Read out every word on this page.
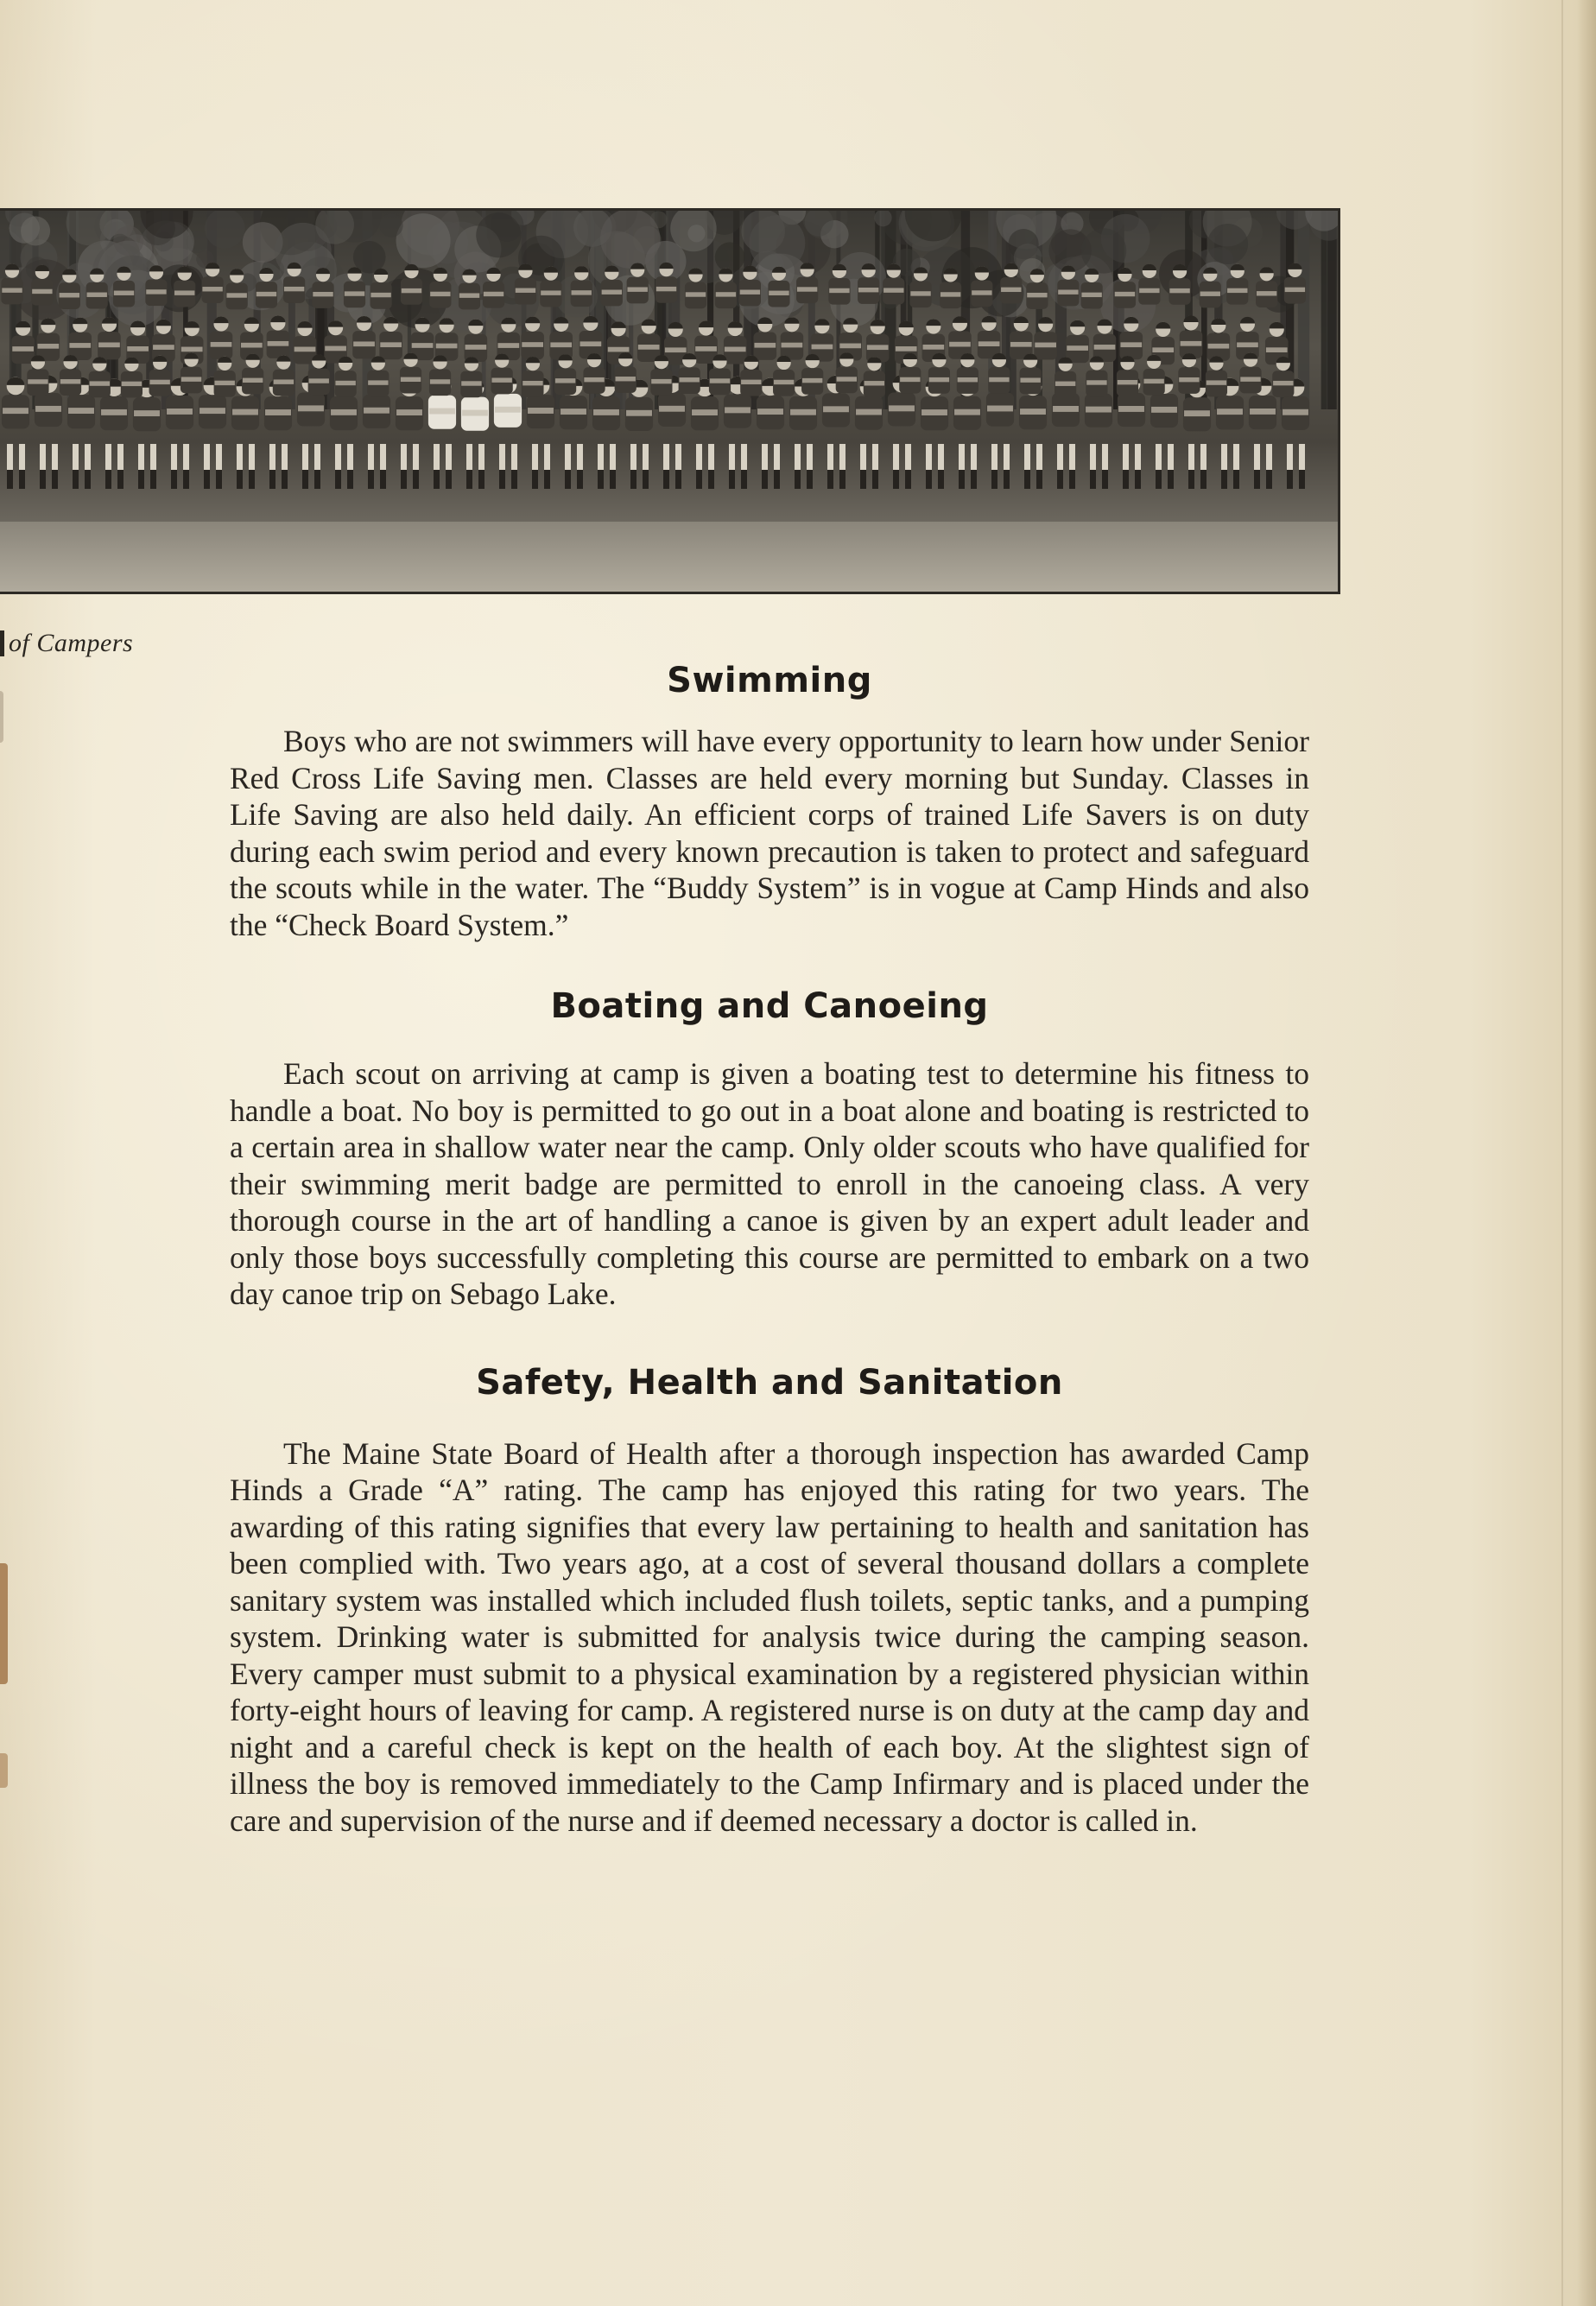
of Campers
Swimming

Boys who are not swimmers will have every opportunity to learn how under Senior Red Cross Life Saving men. Classes are held every morning but Sunday. Classes in Life Saving are also held daily. An efficient corps of trained Life Savers is on duty during each swim period and every known precaution is taken to protect and safeguard the scouts while in the water. The “Buddy System” is in vogue at Camp Hinds and also the “Check Board System.”

Boating and Canoeing

Each scout on arriving at camp is given a boating test to determine his fitness to handle a boat. No boy is permitted to go out in a boat alone and boating is restricted to a certain area in shallow water near the camp. Only older scouts who have qualified for their swimming merit badge are permitted to enroll in the canoeing class. A very thorough course in the art of handling a canoe is given by an expert adult leader and only those boys successfully completing this course are permitted to embark on a two day canoe trip on Sebago Lake.

Safety, Health and Sanitation

The Maine State Board of Health after a thorough inspection has awarded Camp Hinds a Grade “A” rating. The camp has enjoyed this rating for two years. The awarding of this rating signifies that every law pertaining to health and sanitation has been complied with. Two years ago, at a cost of several thousand dollars a complete sanitary system was installed which included flush toilets, septic tanks, and a pumping system. Drinking water is submitted for analysis twice during the camping season. Every camper must submit to a physical examination by a registered physician within forty-eight hours of leaving for camp. A registered nurse is on duty at the camp day and night and a careful check is kept on the health of each boy. At the slightest sign of illness the boy is removed immediately to the Camp Infirmary and is placed under the care and supervision of the nurse and if deemed necessary a doctor is called in.
